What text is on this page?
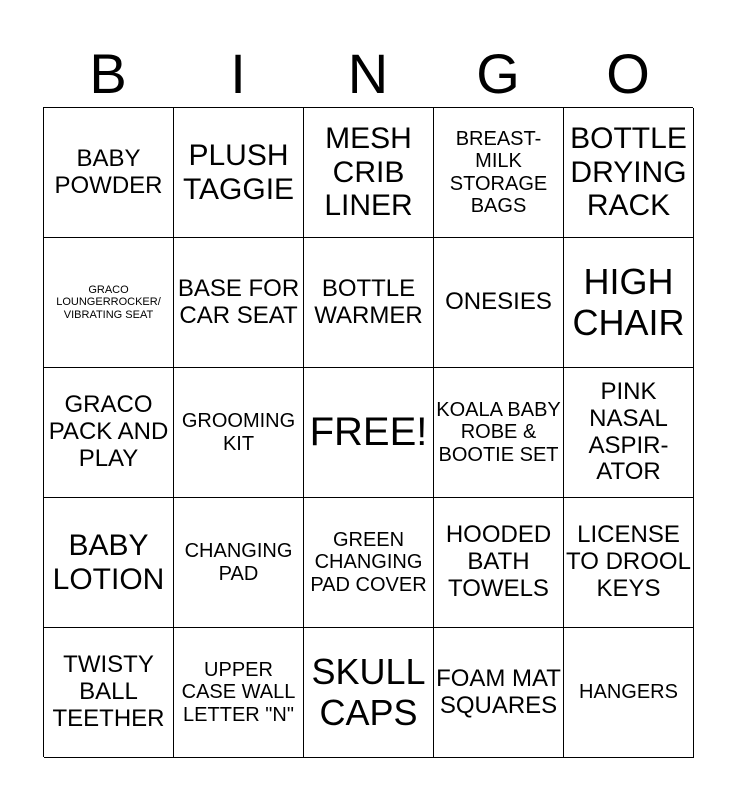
B	I	N	G	O
BABY POWDER
PLUSH TAGGIE
MESH CRIB LINER
BREAST-MILK STORAGE BAGS
BOTTLE DRYING RACK
GRACO LOUNGERROCKER/ VIBRATING SEAT
BASE FOR CAR SEAT
BOTTLE WARMER ONESIES HIGH CHAIR
GRACO PACK AND PLAY
GROOMING KIT	FREE!
KOALA BABY ROBE & BOOTIE SET
PINK NASAL ASPIR-ATOR
BABY LOTION
CHANGING PAD
GREEN CHANGING PAD COVER
HOODED BATH TOWELS
LICENSE TO DROOL KEYS
TWISTY BALL TEETHER
UPPER CASE WALL LETTER "N"
SKULL CAPS
FOAM MAT SQUARES HANGERS
